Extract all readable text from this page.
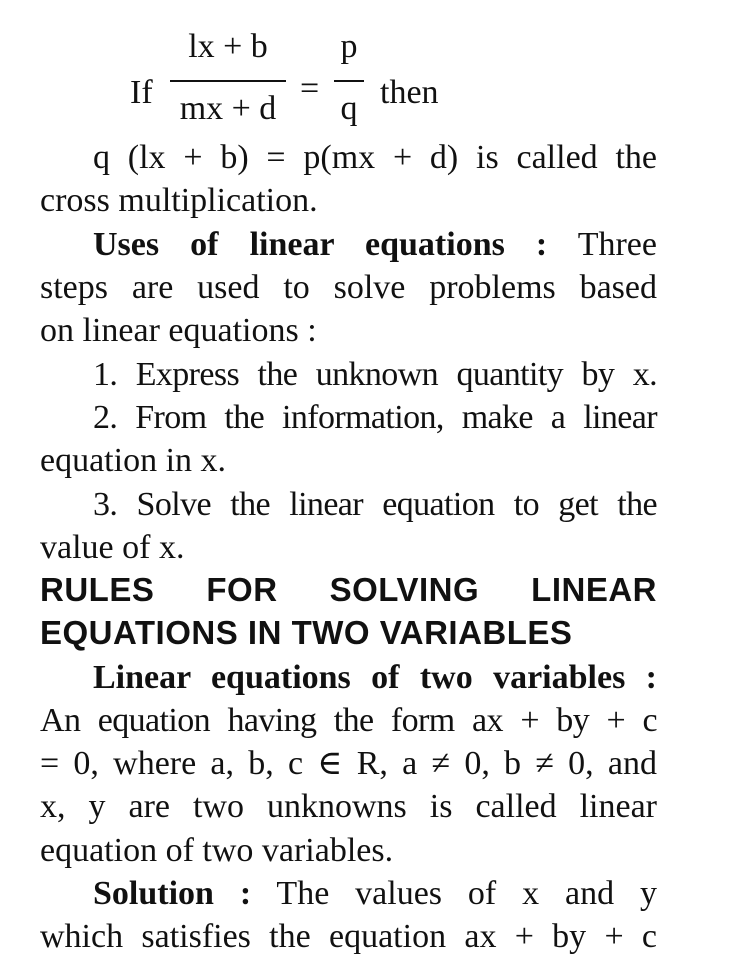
If
lx + b
mx + d
=
p
q then
q (lx + b) = p(mx + d) is called the
cross multiplication.
Uses of linear equations : Three
steps are used to solve problems based
on linear equations :
1. Express the unknown quantity by x.
2. From the information, make a linear
equation in x.
3. Solve the linear equation to get the
value of x.
RULES FOR SOLVING LINEAR
EQUATIONS IN TWO VARIABLES
Linear equations of two variables :
An equation having the form ax + by + c
= 0, where a, b, c ∈ R, a ≠ 0, b ≠ 0, and
x, y are two unknowns is called linear
equation of two variables.
Solution : The values of x and y
which satisfies the equation ax + by + c
